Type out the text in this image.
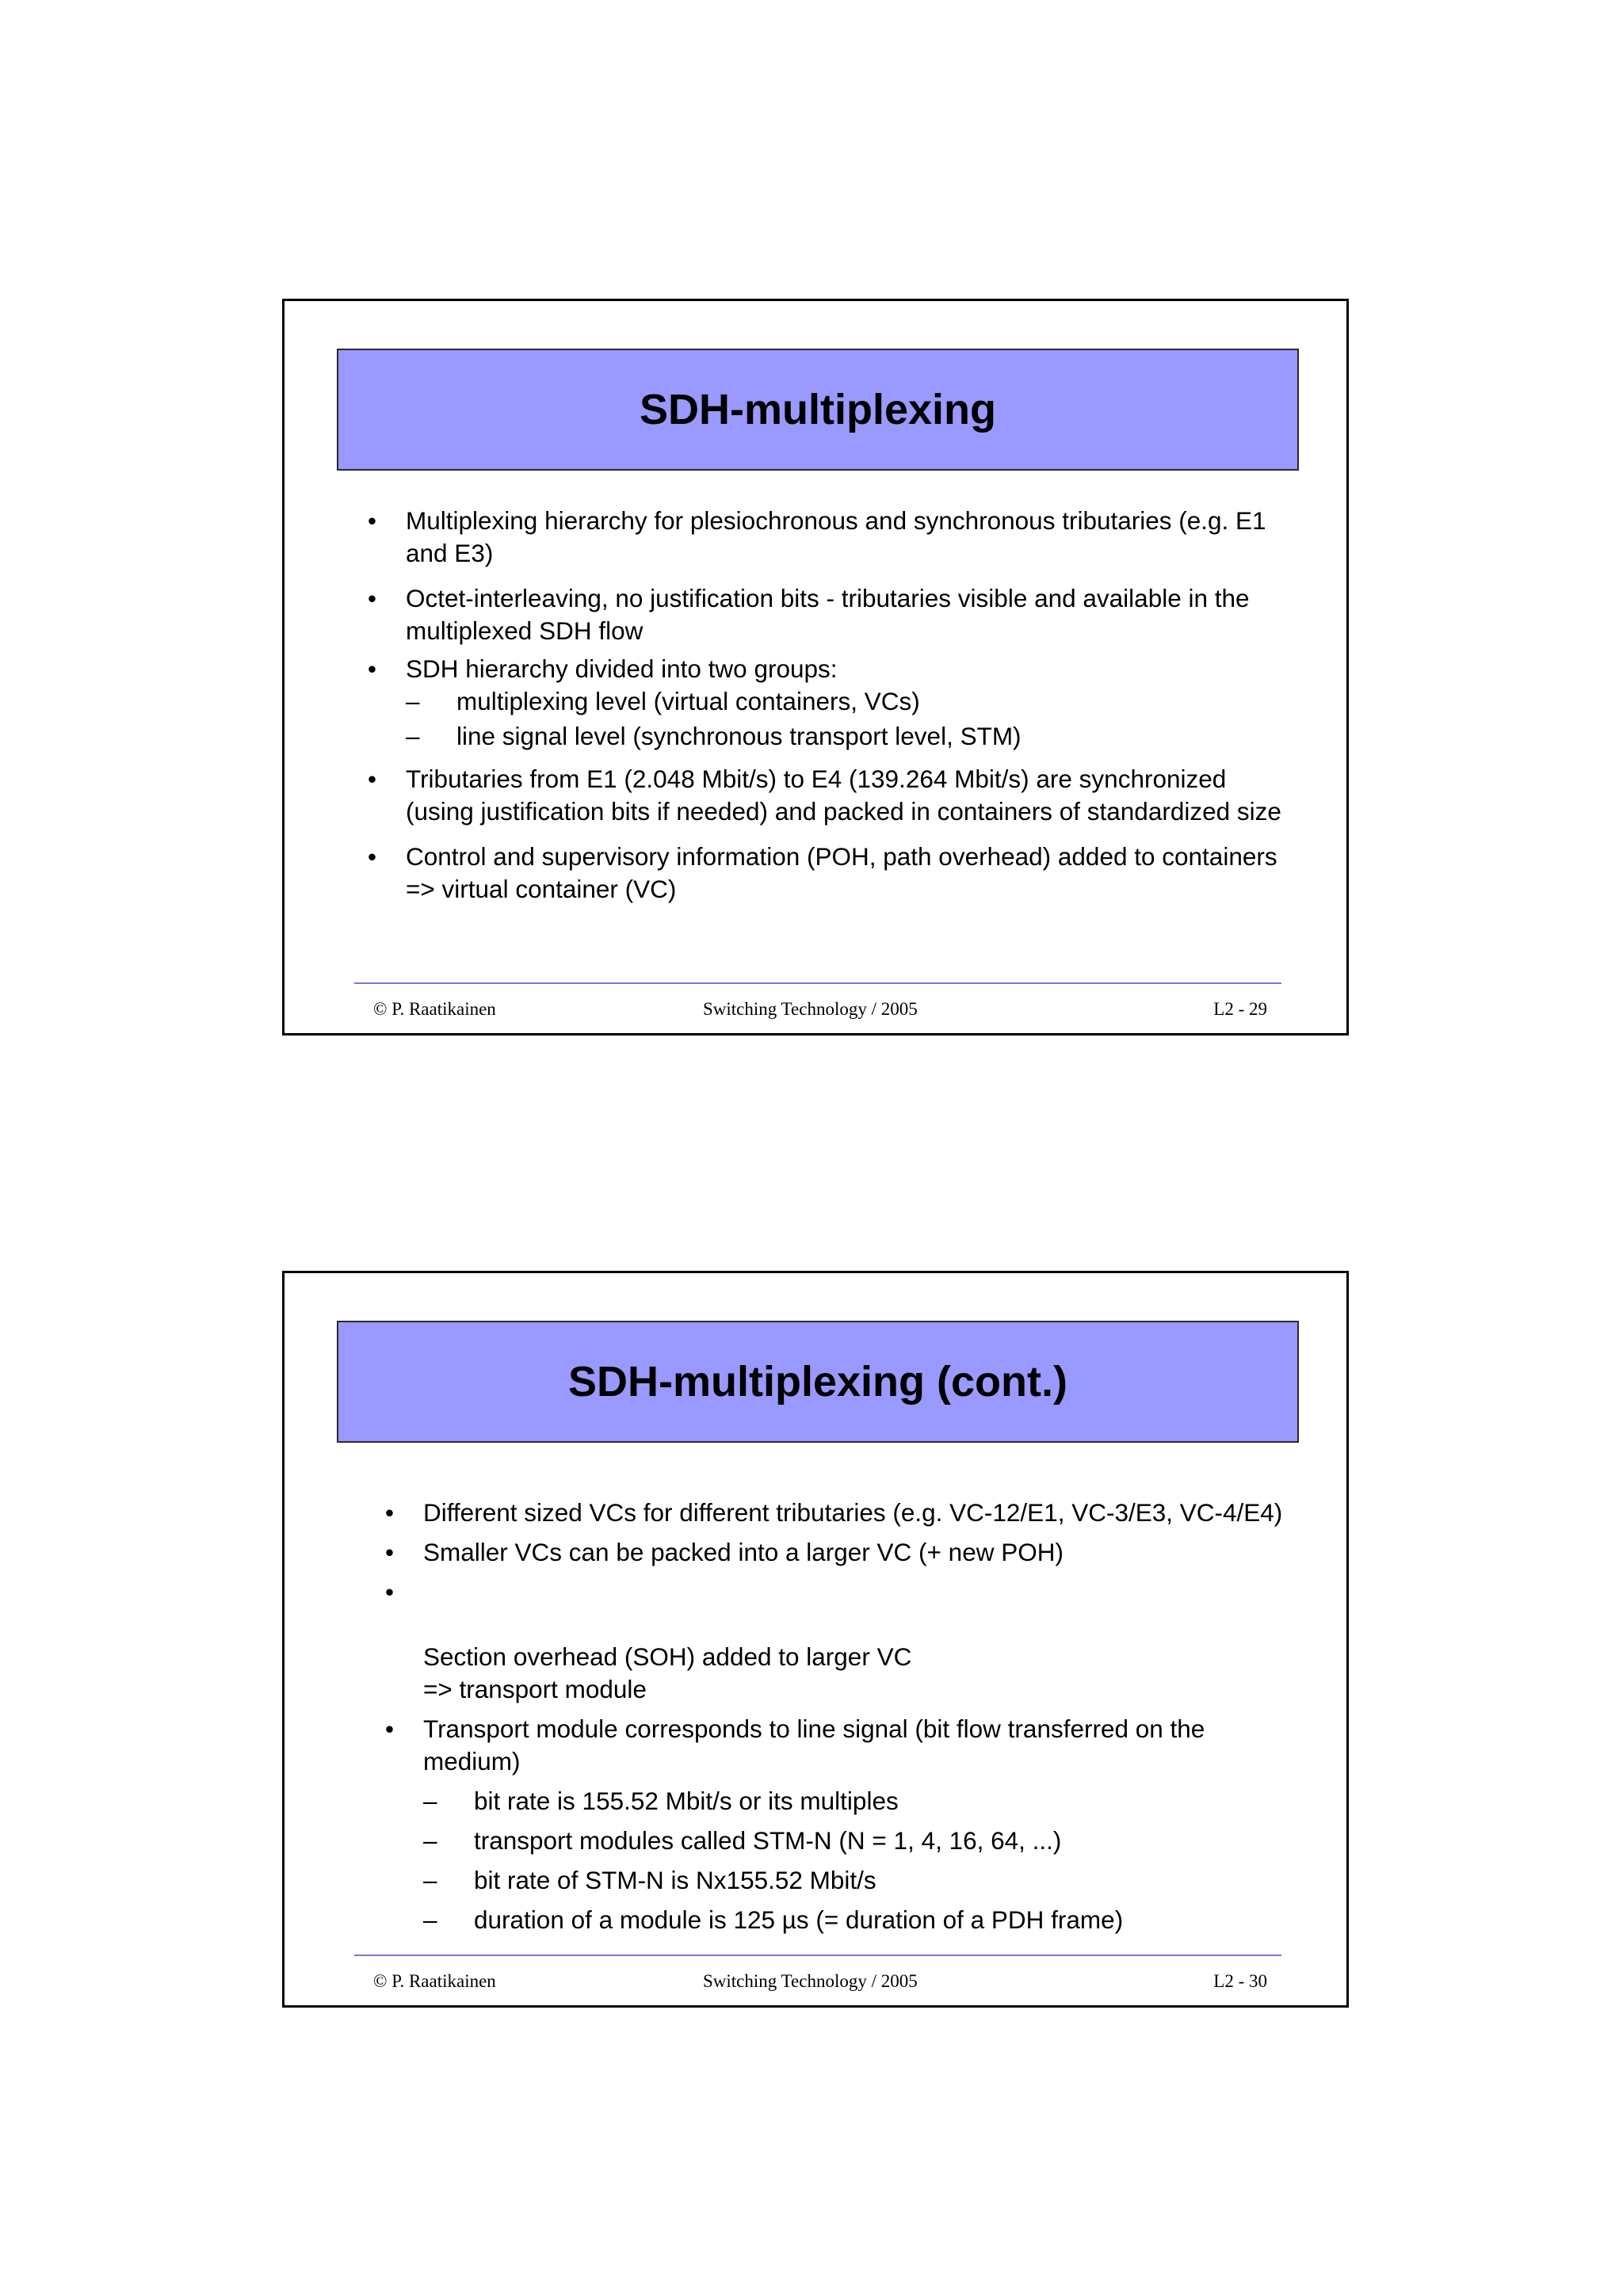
SDH-multiplexing
•	Multiplexing hierarchy for plesiochronous and synchronous tributaries (e.g. E1 and E3)
•	Octet-interleaving, no justification bits - tributaries visible and available in the multiplexed SDH flow
•	SDH hierarchy divided into two groups:
– multiplexing level (virtual containers, VCs)
– line signal level (synchronous transport level, STM)
•	Tributaries from E1 (2.048 Mbit/s) to E4 (139.264 Mbit/s) are synchronized (using justification bits if needed) and packed in containers of standardized size
•	Control and supervisory information (POH, path overhead) added to containers => virtual container (VC)
© P. Raatikainen	Switching Technology / 2005	L2 - 29
SDH-multiplexing (cont.)
•	Different sized VCs for different tributaries (e.g. VC-12/E1, VC-3/E3, VC-4/E4)
•	Smaller VCs can be packed into a larger VC (+ new POH)

•

Section overhead (SOH) added to larger VC
=> transport module

•	Transport module corresponds to line signal (bit flow transferred on the medium)
– bit rate is 155.52 Mbit/s or its multiples
– transport modules called STM-N (N = 1, 4, 16, 64, ...)
– bit rate of STM-N is Nx155.52 Mbit/s
– duration of a module is 125 µs (= duration of a PDH frame)
© P. Raatikainen	Switching Technology / 2005	L2 - 30
